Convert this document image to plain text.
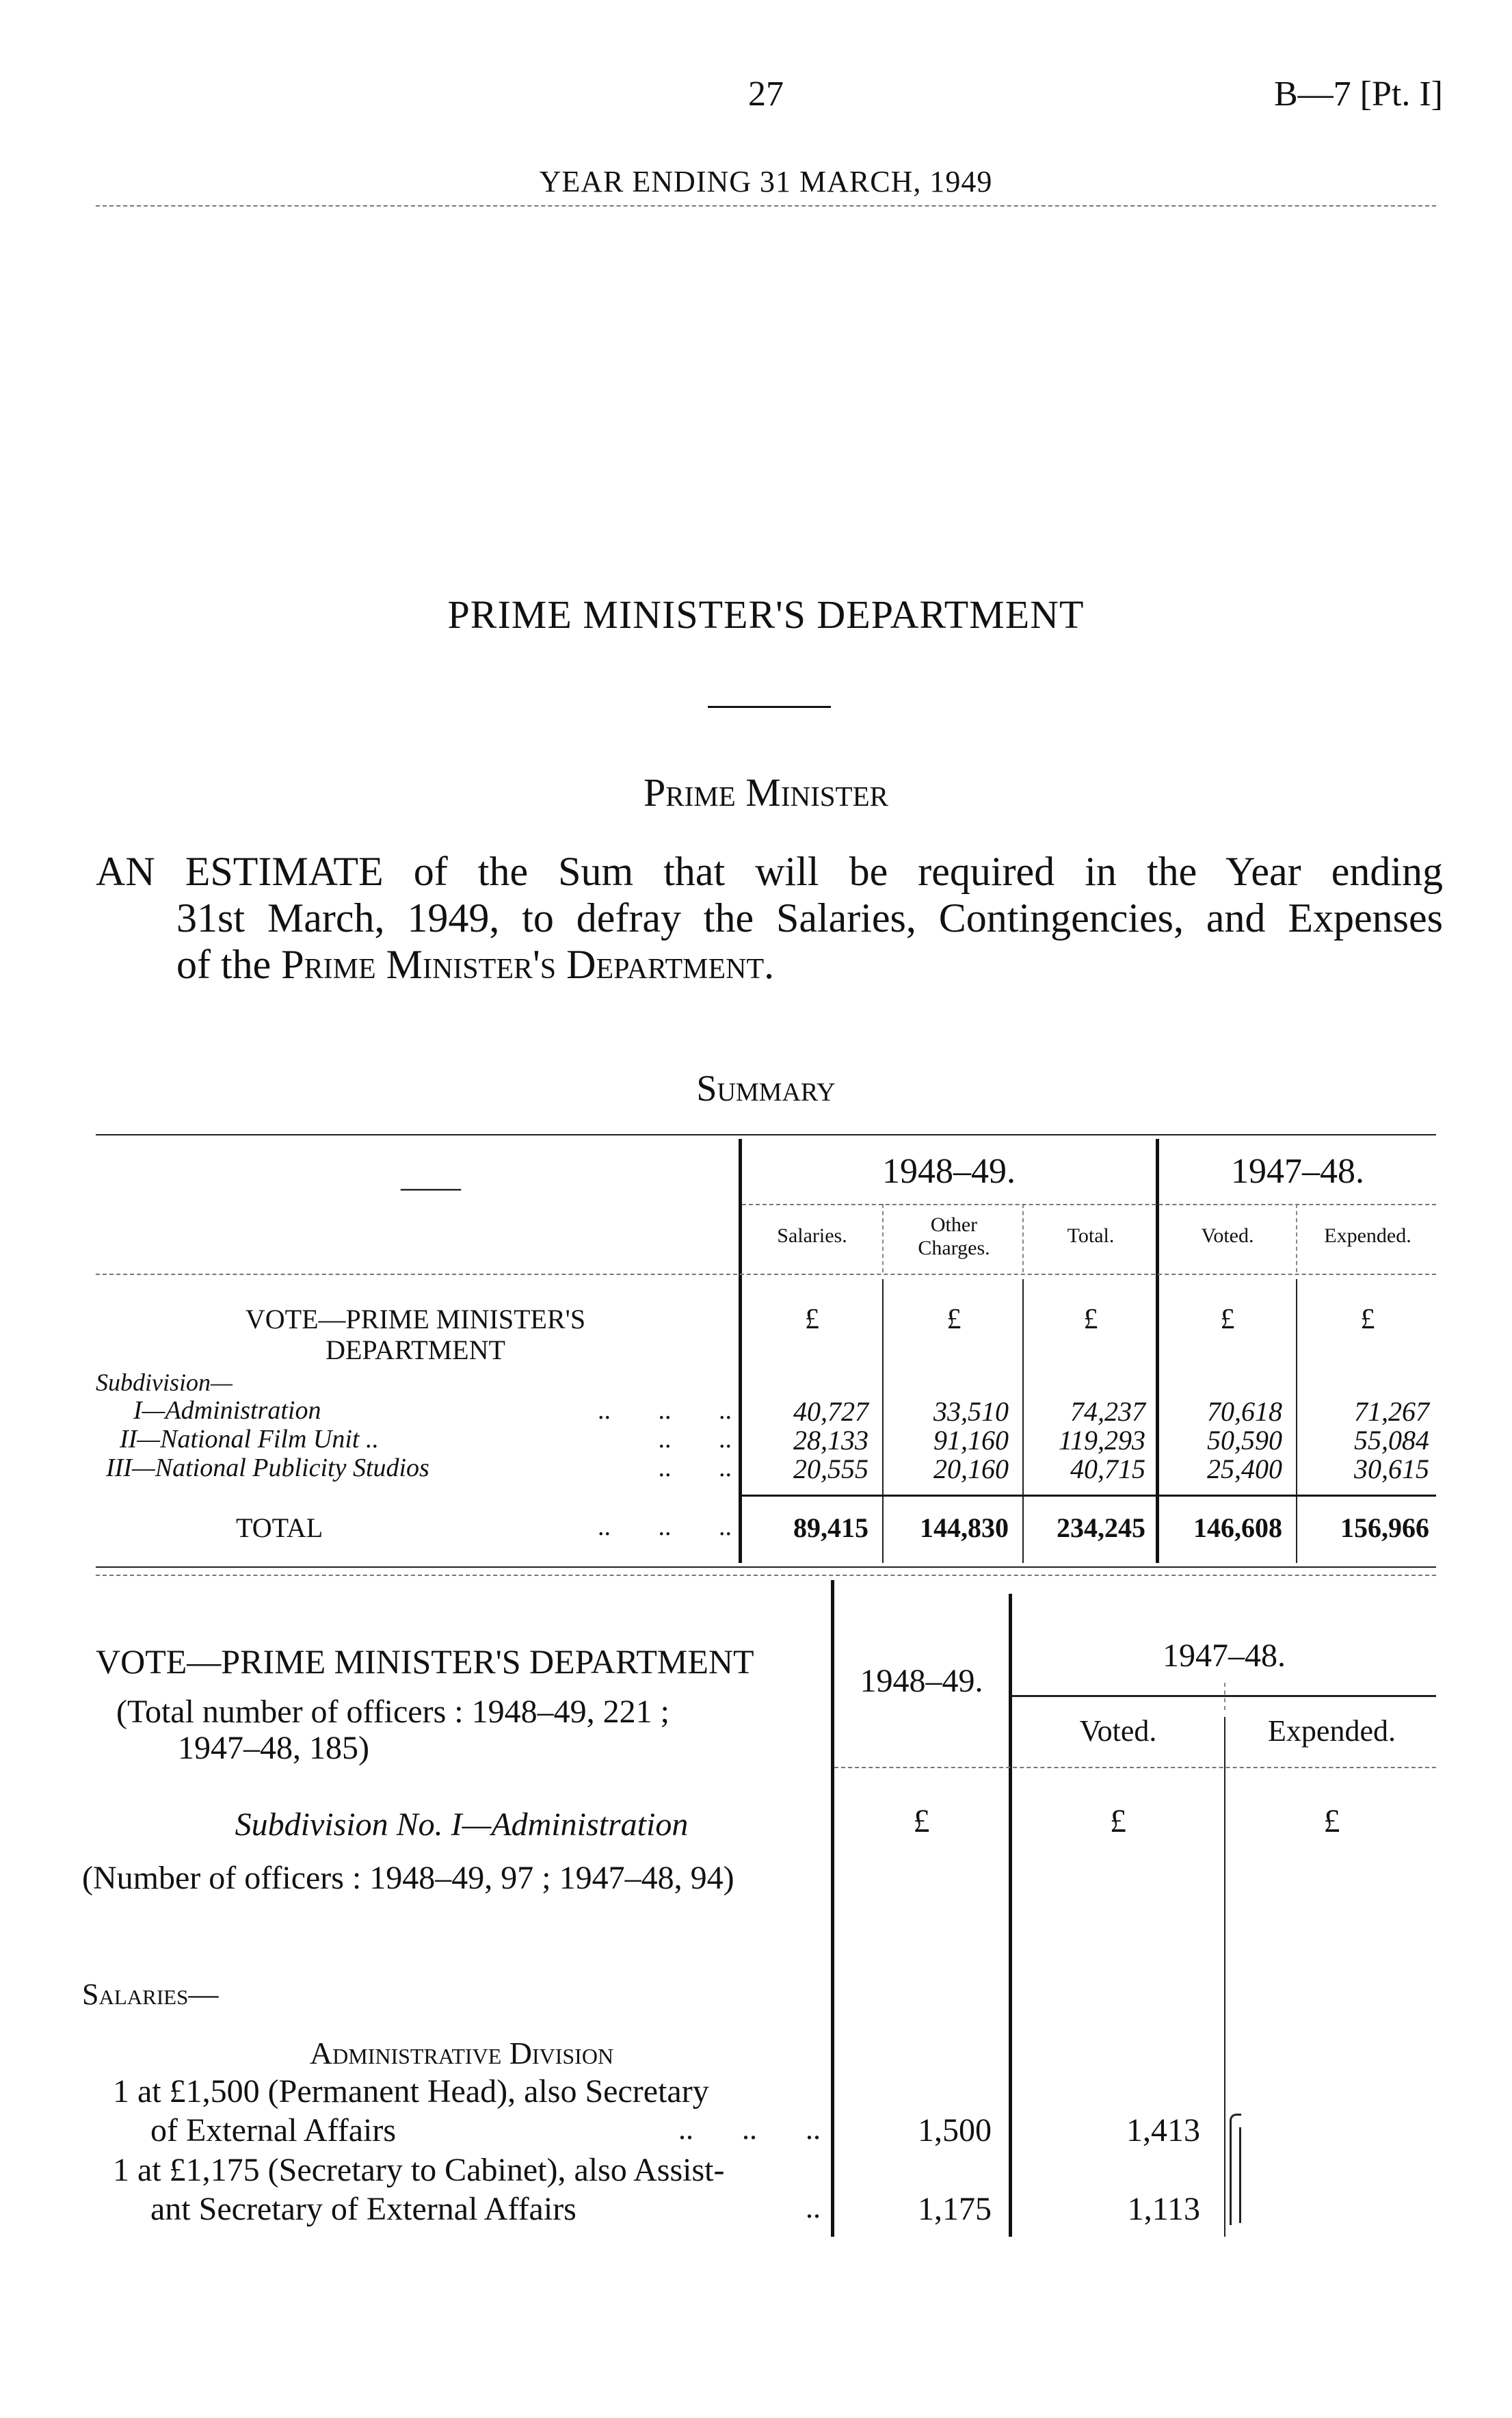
27	B—7 [Pt. I]
YEAR ENDING 31 MARCH, 1949
PRIME MINISTER'S DEPARTMENT
Prime Minister
AN ESTIMATE of the Sum that will be required in the Year ending
31st March, 1949, to defray the Salaries, Contingencies, and Expenses
of the Prime Minister's Department.
Summary
——	1948–49.	1947–48.
Salaries.	Other Charges.
Total.	Voted.	Expended.
£	£	£	£	£
VOTE—PRIME MINISTER'S
DEPARTMENT
Subdivision—
I—Administration	.. .. ..	40,727	33,510	74,237	70,618	71,267
II—National Film Unit ..	.. ..	28,133	91,160	119,293	50,590	55,084
III—National Publicity Studios	.. ..	20,555	20,160	40,715	25,400	30,615
TOTAL	.. .. ..	89,415	144,830	234,245	146,608	156,966
VOTE—PRIME MINISTER'S DEPARTMENT
(Total number of officers : 1948–49, 221 ;
1947–48, 185)
1948–49.
1947–48.
Voted.	Expended.
£	£	£
Subdivision No. I—Administration
(Number of officers : 1948–49, 97 ; 1947–48, 94)
Salaries—
Administrative Division
1 at £1,500 (Permanent Head), also Secretary
of External Affairs	.. .. ..	1,500	1,413
1 at £1,175 (Secretary to Cabinet), also Assist-
ant Secretary of External Affairs	..	1,175	1,113
